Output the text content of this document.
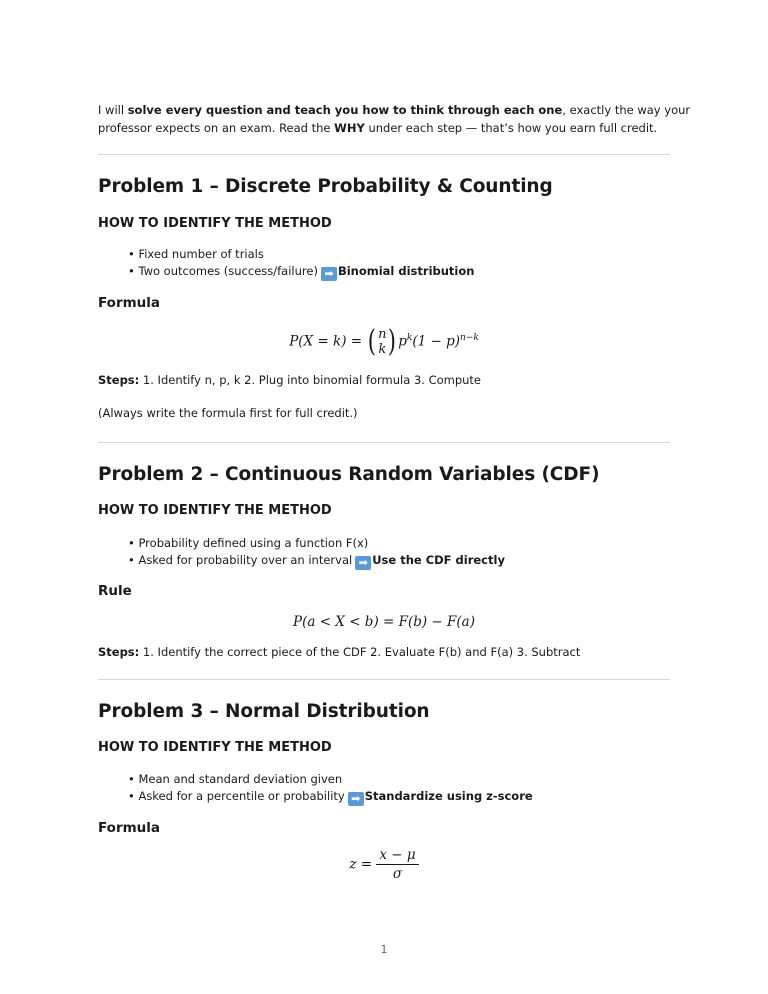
I will solve every question and teach you how to think through each one, exactly the way your professor expects on an exam. Read the WHY under each step — that’s how you earn full credit.

Problem 1 – Discrete Probability & Counting
HOW TO IDENTIFY THE METHOD
• Fixed number of trials
• Two outcomes (success/failure) ➡ Binomial distribution
Formula
P(X = k) = ( n
k ) $p^k(1 - p)^{n-k}$

Steps: 1. Identify n, p, k 2. Plug into binomial formula 3. Compute

(Always write the formula first for full credit.)

Problem 2 – Continuous Random Variables (CDF)
HOW TO IDENTIFY THE METHOD
• Probability defined using a function F(x)
• Asked for probability over an interval ➡ Use the CDF directly
Rule
P(a < X < b) = F(b) − F(a)

Steps: 1. Identify the correct piece of the CDF 2. Evaluate F(b) and F(a) 3. Subtract

Problem 3 – Normal Distribution
HOW TO IDENTIFY THE METHOD
• Mean and standard deviation given
• Asked for a percentile or probability ➡ Standardize using z-score
Formula
$z = \frac{x - \mu}{\sigma}$
1
